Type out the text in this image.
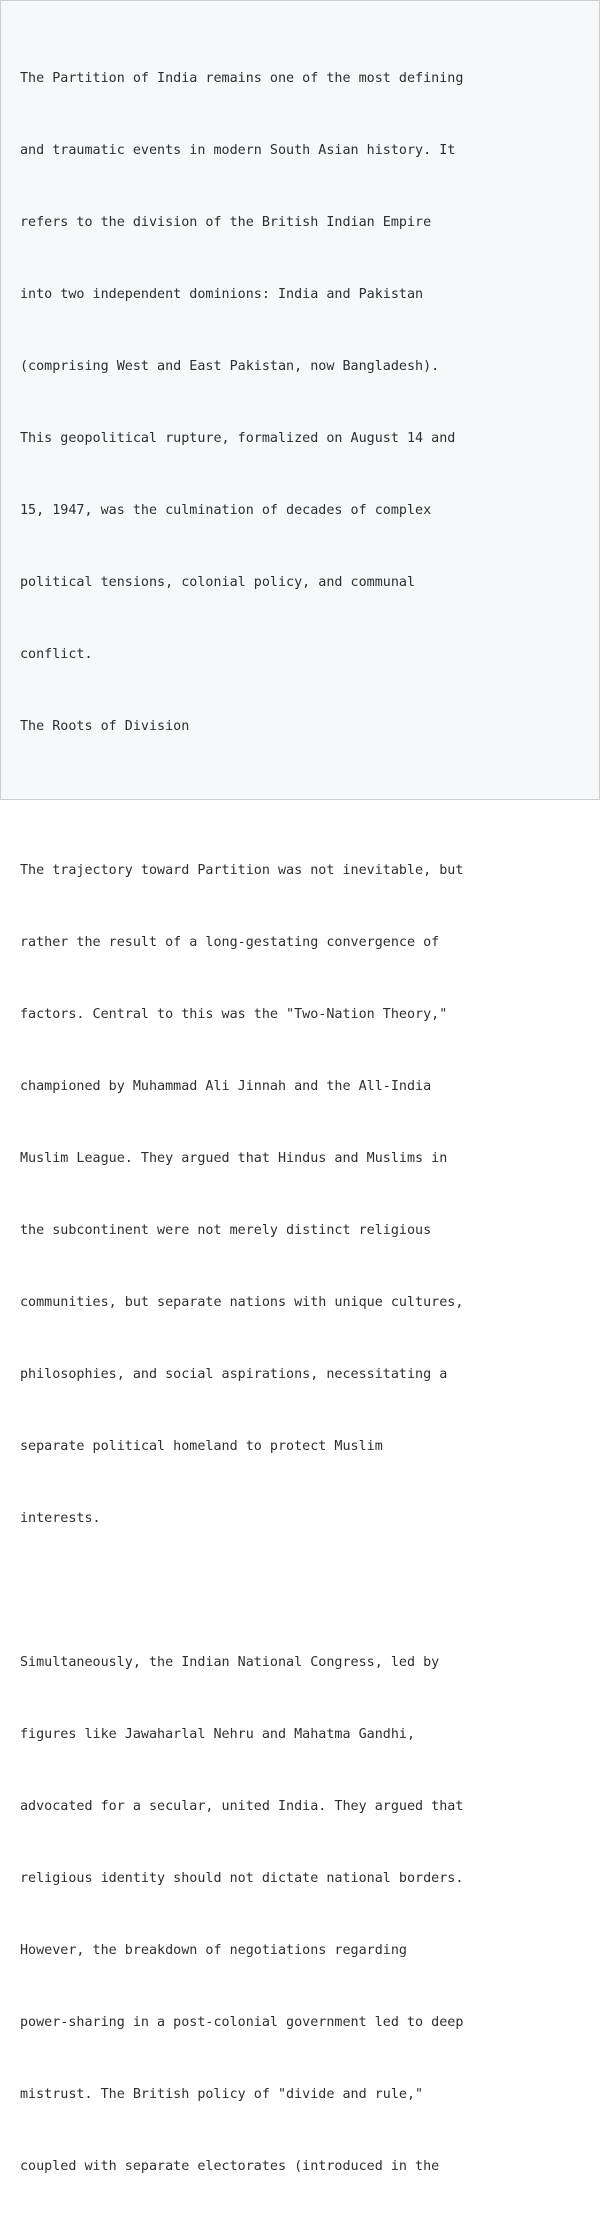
The Partition of India remains one of the most defining

and traumatic events in modern South Asian history. It

refers to the division of the British Indian Empire

into two independent dominions: India and Pakistan

(comprising West and East Pakistan, now Bangladesh).

This geopolitical rupture, formalized on August 14 and

15, 1947, was the culmination of decades of complex

political tensions, colonial policy, and communal

conflict.

The Roots of Division

The trajectory toward Partition was not inevitable, but

rather the result of a long-gestating convergence of

factors. Central to this was the "Two-Nation Theory,"

championed by Muhammad Ali Jinnah and the All-India

Muslim League. They argued that Hindus and Muslims in

the subcontinent were not merely distinct religious

communities, but separate nations with unique cultures,

philosophies, and social aspirations, necessitating a

separate political homeland to protect Muslim

interests.

Simultaneously, the Indian National Congress, led by

figures like Jawaharlal Nehru and Mahatma Gandhi,

advocated for a secular, united India. They argued that

religious identity should not dictate national borders.

However, the breakdown of negotiations regarding

power-sharing in a post-colonial government led to deep

mistrust. The British policy of "divide and rule,"

coupled with separate electorates (introduced in the
